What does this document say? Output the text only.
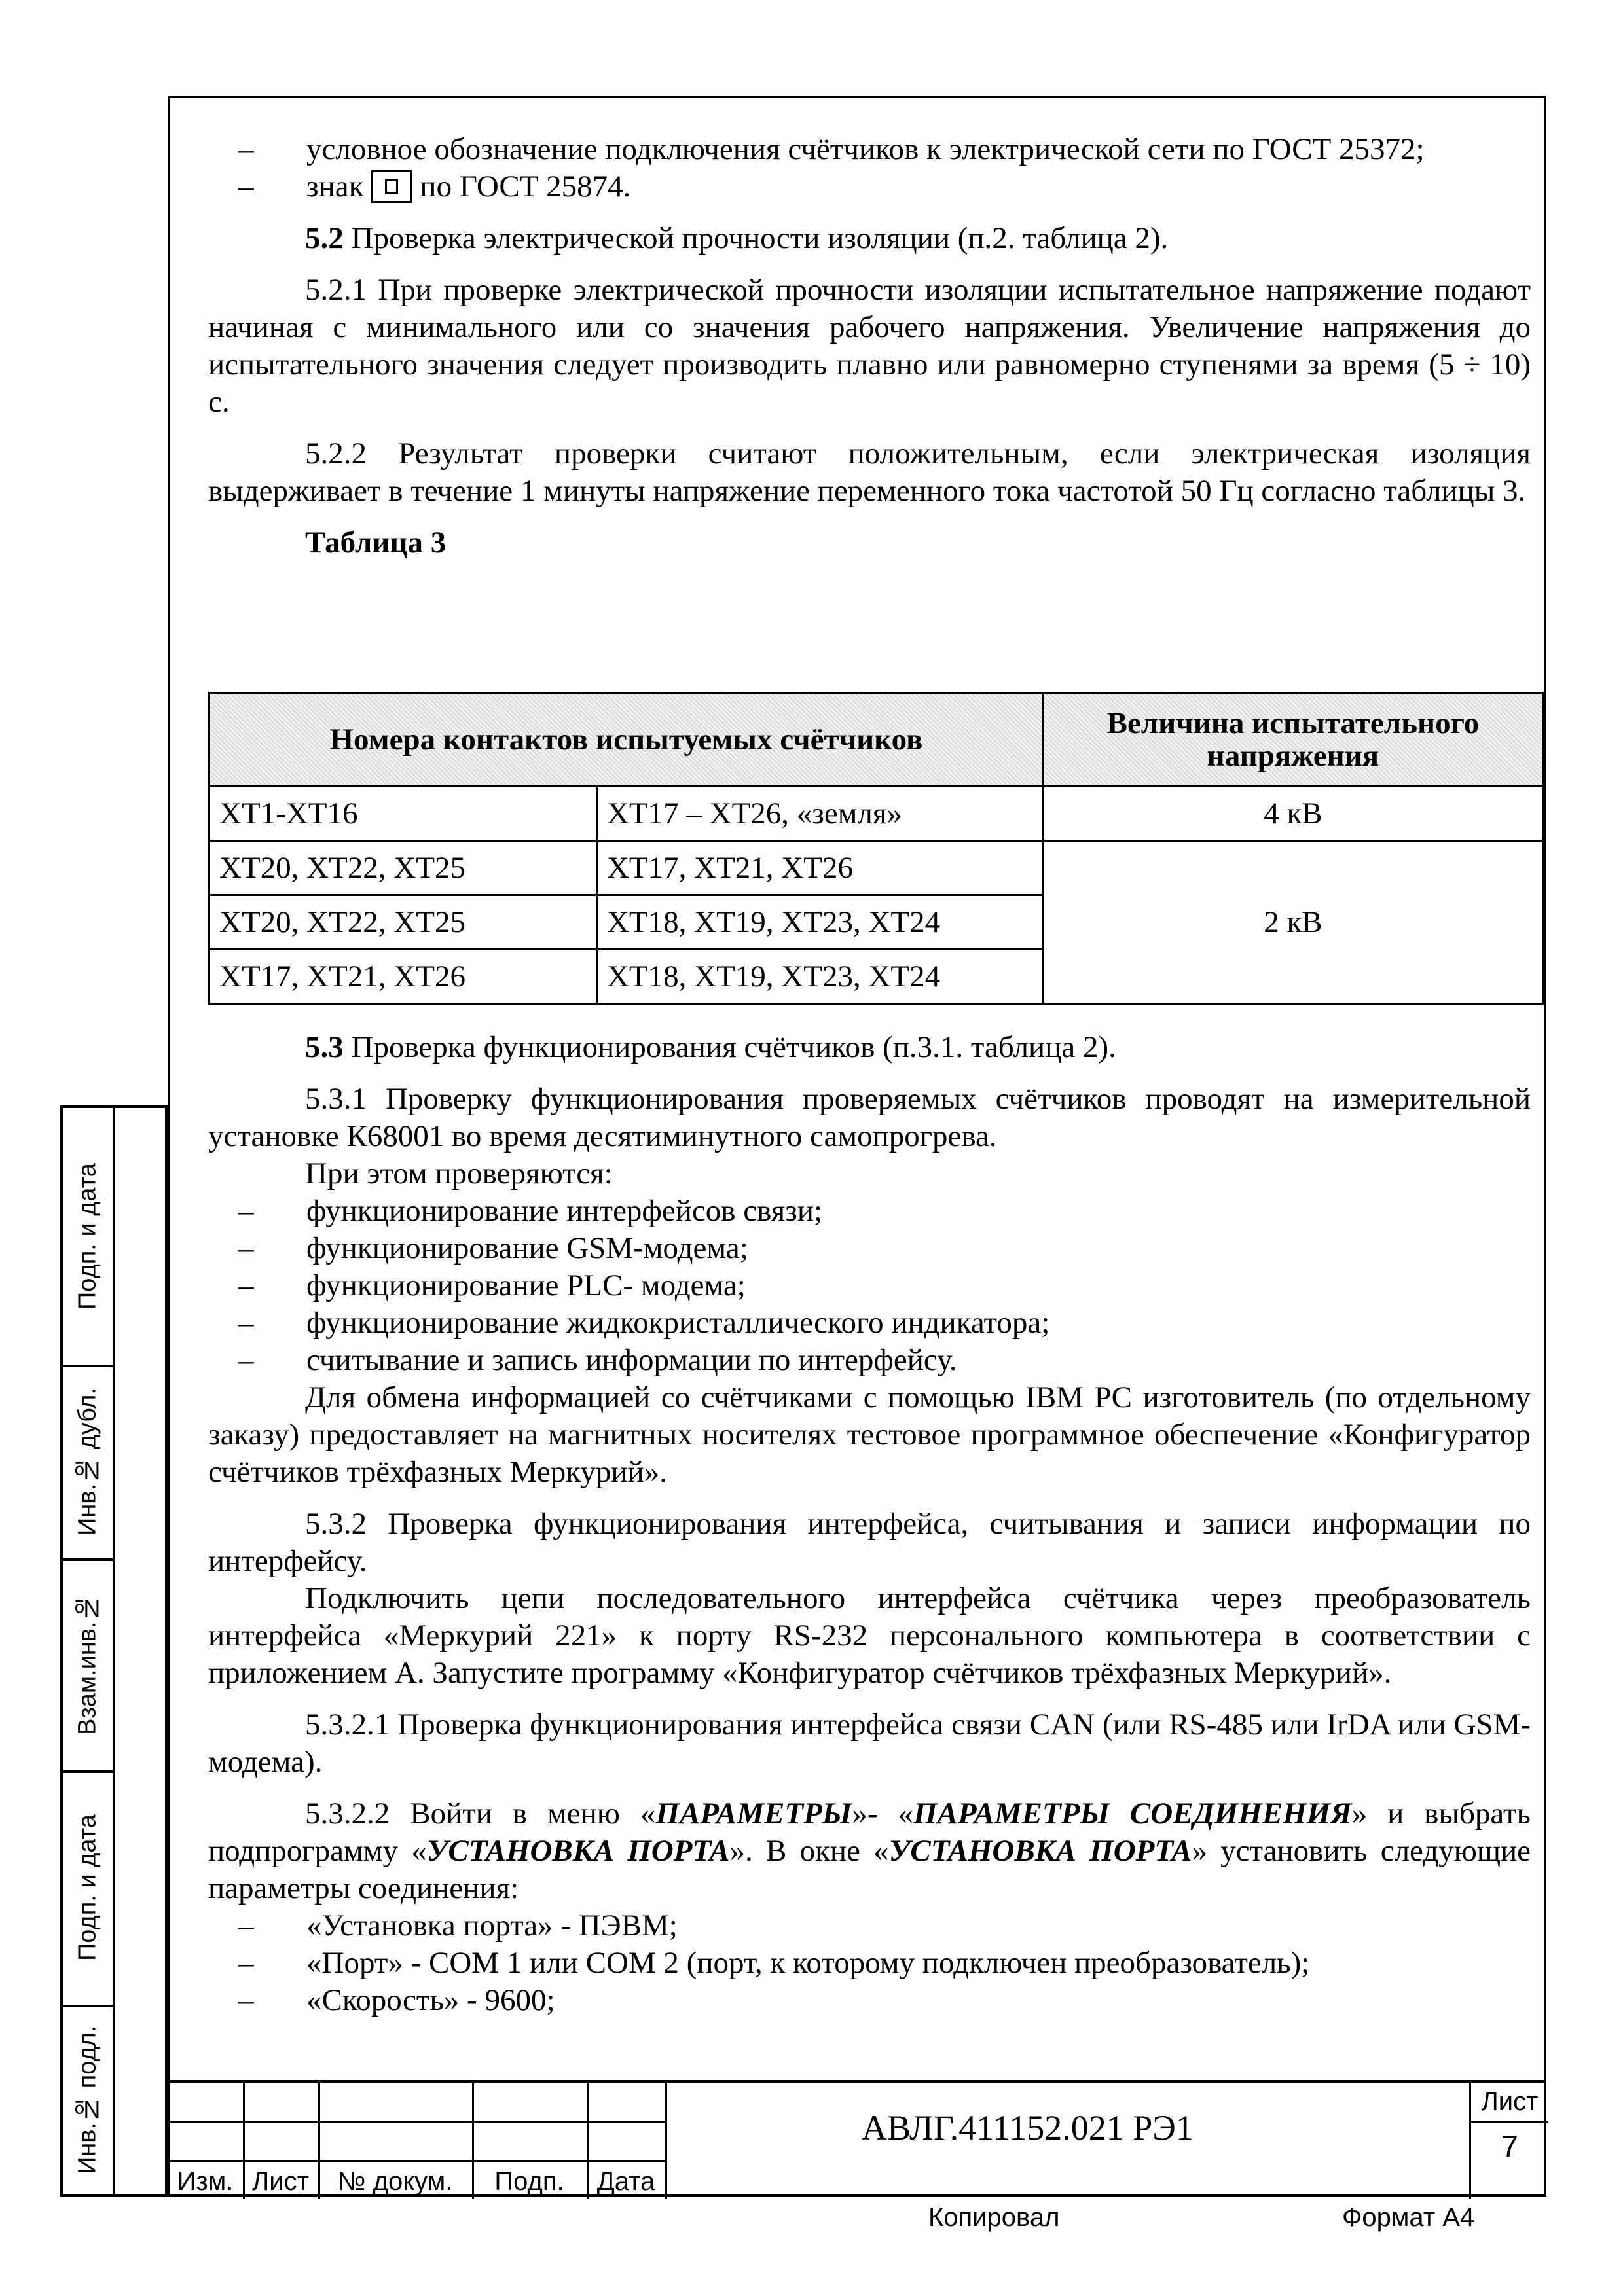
– условное обозначение подключения счётчиков к электрической сети по ГОСТ 25372;

– знак по ГОСТ 25874.

5.2 Проверка электрической прочности изоляции (п.2. таблица 2).

5.2.1 При проверке электрической прочности изоляции испытательное напряжение подают начиная с минимального или со значения рабочего напряжения. Увеличение напряжения до испытательного значения следует производить плавно или равномерно ступенями за время (5 ÷ 10) с.

5.2.2 Результат проверки считают положительным, если электрическая изоляция выдерживает в течение 1 минуты напряжение переменного тока частотой 50 Гц согласно таблицы 3.

Таблица 3

Номера контактов испытуемых счётчиков		Величина испытательного напряжения
ХТ1-ХТ16	ХТ17 – ХТ26, «земля»	4 кВ
ХТ20, ХТ22, ХТ25	ХТ17, ХТ21, ХТ26	2 кВ
ХТ20, ХТ22, ХТ25	ХТ18, ХТ19, ХТ23, ХТ24	
ХТ17, ХТ21, ХТ26	ХТ18, ХТ19, ХТ23, ХТ24	

5.3 Проверка функционирования счётчиков (п.3.1. таблица 2).

5.3.1 Проверку функционирования проверяемых счётчиков проводят на измерительной установке К68001 во время десятиминутного самопрогрева.

При этом проверяются:

– функционирование интерфейсов связи;

– функционирование GSM-модема;

– функционирование PLC- модема;

– функционирование жидкокристаллического индикатора;

– считывание и запись информации по интерфейсу.

Для обмена информацией со счётчиками с помощью IBM PC изготовитель (по отдельному заказу) предоставляет на магнитных носителях тестовое программное обеспечение «Конфигуратор счётчиков трёхфазных Меркурий».

5.3.2 Проверка функционирования интерфейса, считывания и записи информации по интерфейсу.

Подключить цепи последовательного интерфейса счётчика через преобразователь интерфейса «Меркурий 221» к порту RS-232 персонального компьютера в соответствии с приложением А. Запустите программу «Конфигуратор счётчиков трёхфазных Меркурий».

5.3.2.1 Проверка функционирования интерфейса связи CAN (или RS-485 или IrDA или GSM-модема).

5.3.2.2 Войти в меню «ПАРАМЕТРЫ»- «ПАРАМЕТРЫ СОЕДИНЕНИЯ» и выбрать подпрограмму «УСТАНОВКА ПОРТА». В окне «УСТАНОВКА ПОРТА» установить следующие параметры соединения:

– «Установка порта» - ПЭВМ;

– «Порт» - COM 1 или COM 2 (порт, к которому подключен преобразователь);

– «Скорость» - 9600;

Подп. и дата
Инв.№ дубл.
Взам.инв.№
Подп. и дата
Инв.№ подл.
Изм. Лист	№ докум.	Подп.	Дата
АВЛГ.411152.021 РЭ1
Лист
7
Копировал	Формат А4
